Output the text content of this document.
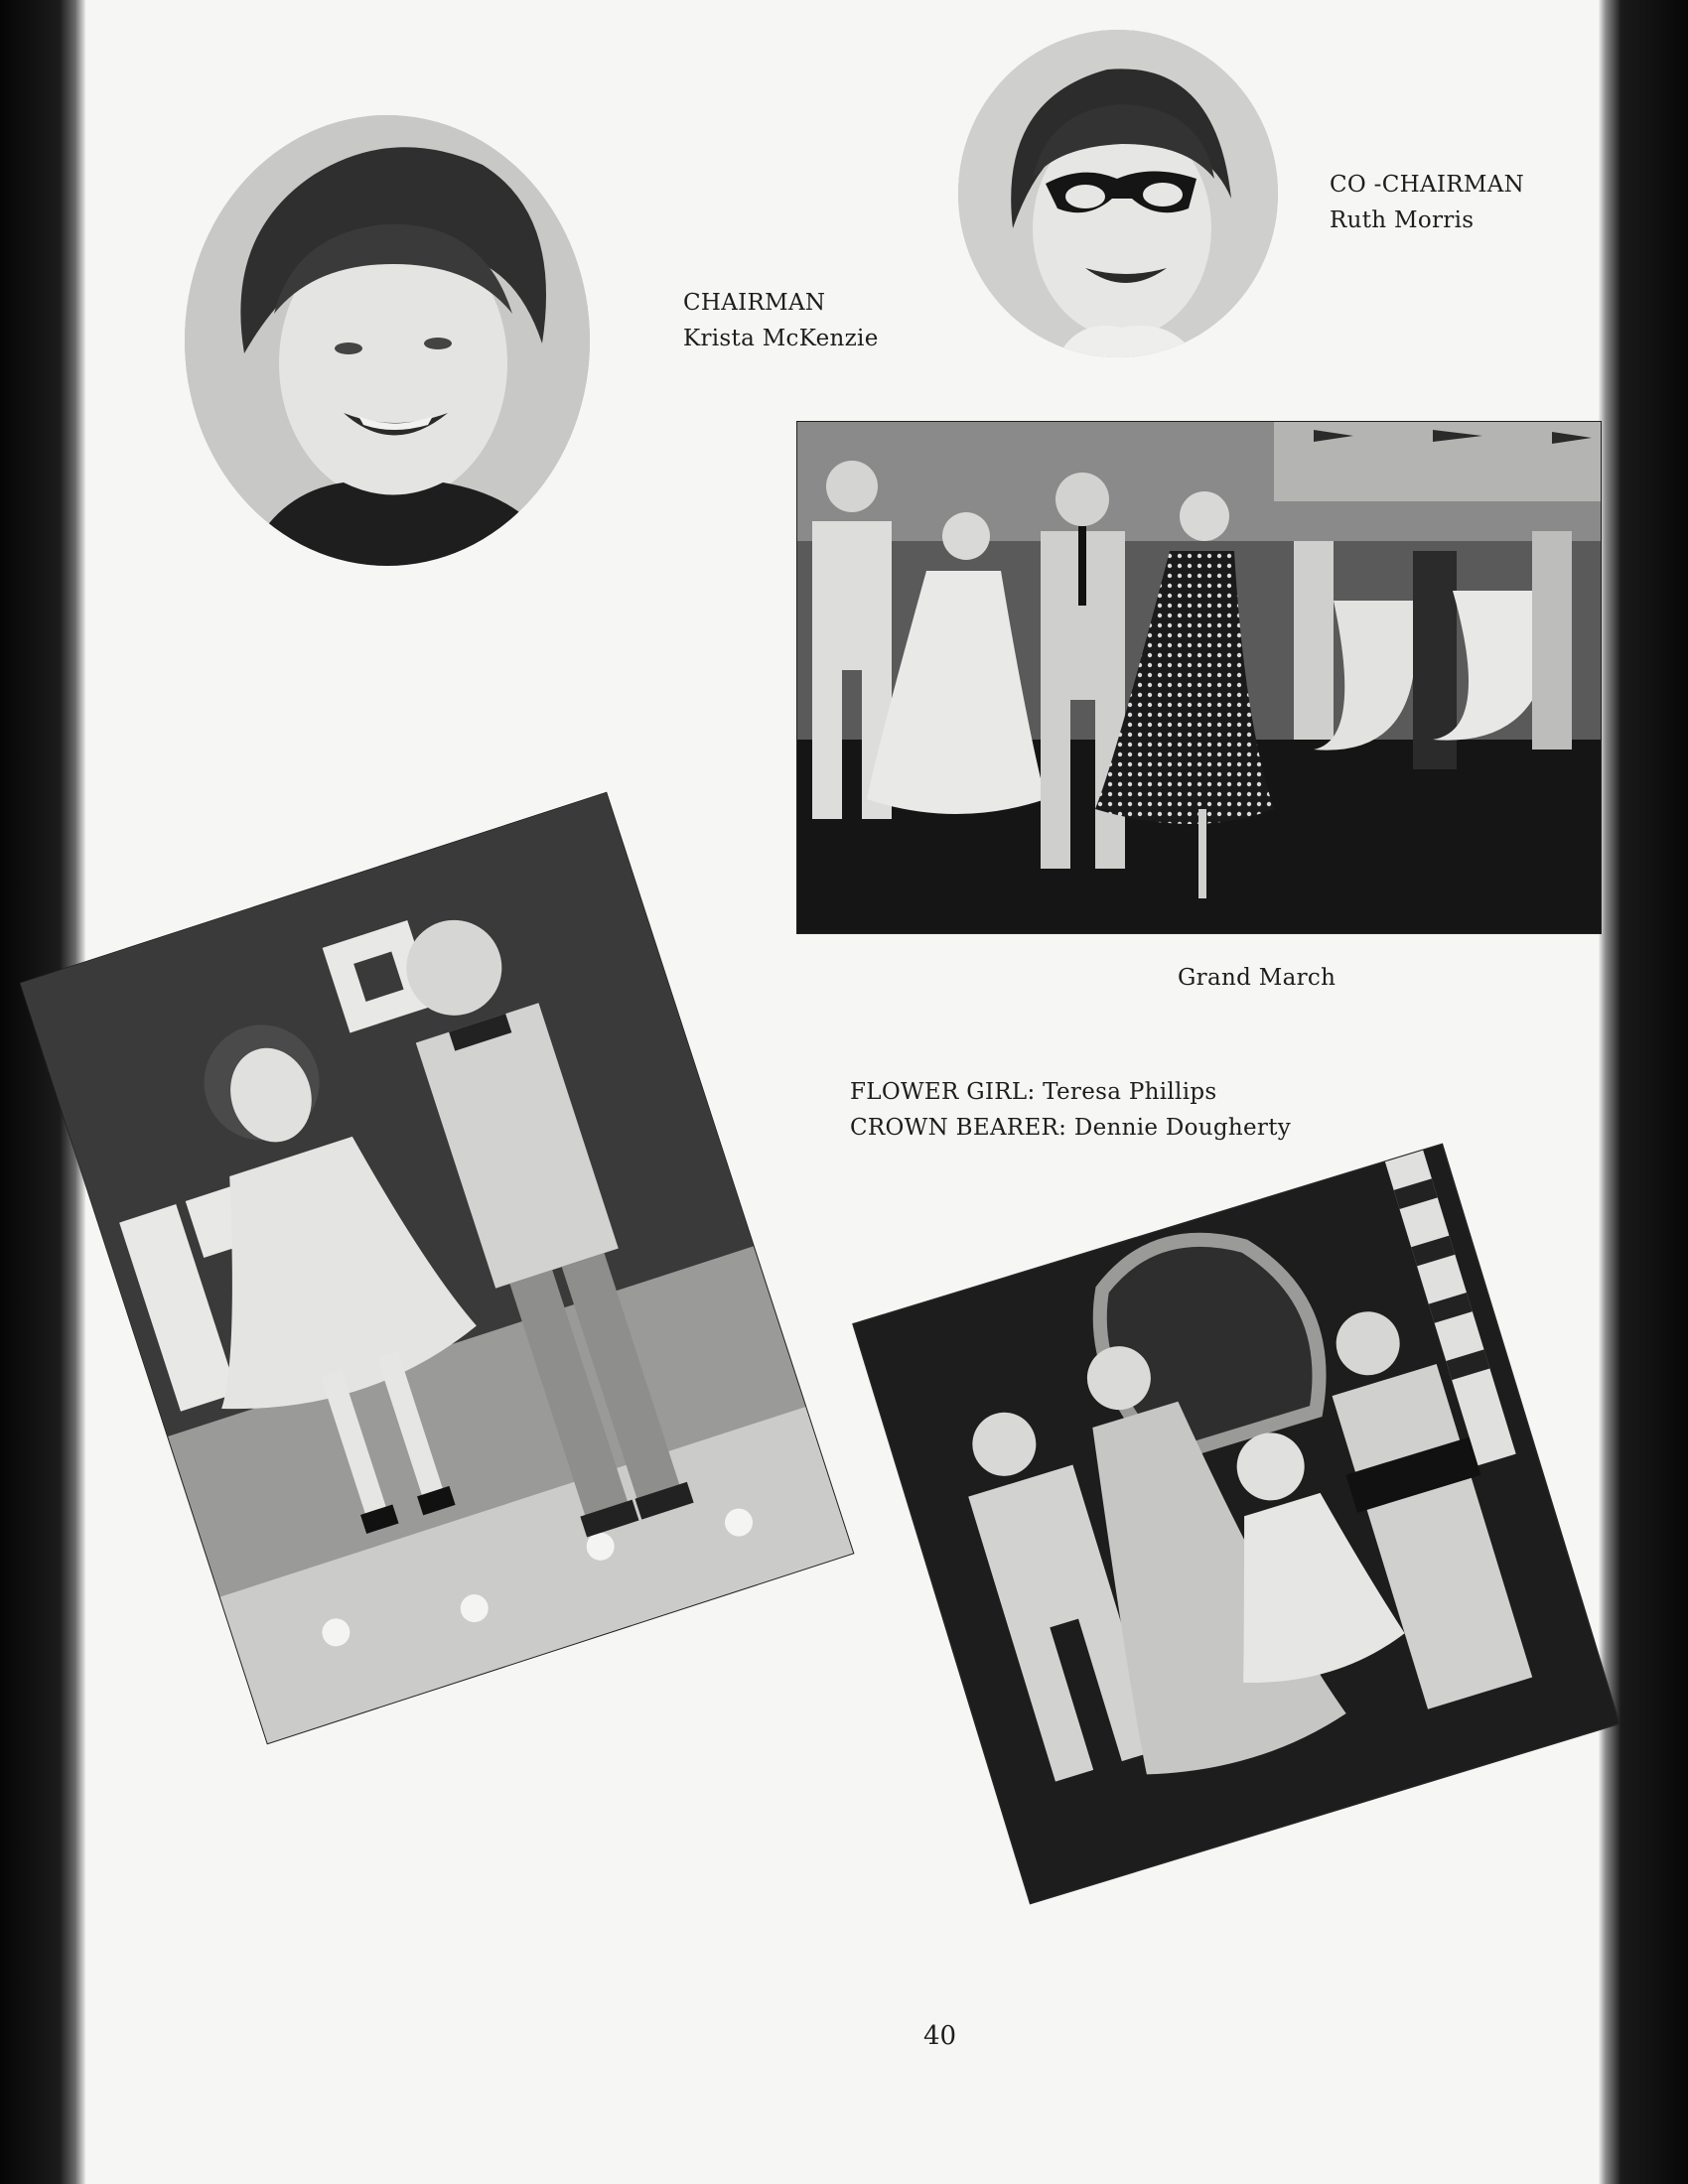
CHAIRMAN
Krista McKenzie
CO -CHAIRMAN
Ruth Morris
Grand March
FLOWER GIRL: Teresa Phillips
CROWN BEARER: Dennie Dougherty
40
